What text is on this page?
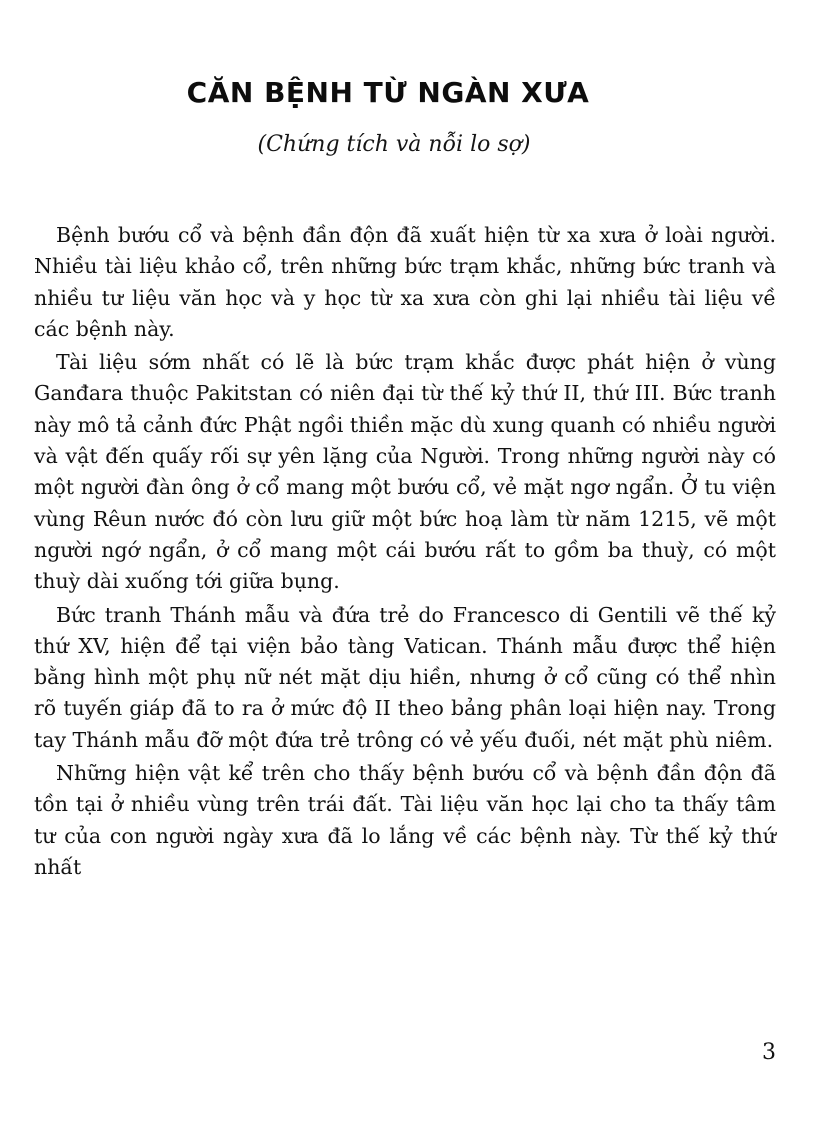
CĂN BỆNH TỪ NGÀN XƯA
(Chứng tích và nỗi lo sợ)

Bệnh bướu cổ và bệnh đần độn đã xuất hiện từ xa xưa ở loài người. Nhiều tài liệu khảo cổ, trên những bức trạm khắc, những bức tranh và nhiều tư liệu văn học và y học từ xa xưa còn ghi lại nhiều tài liệu về các bệnh này.

Tài liệu sớm nhất có lẽ là bức trạm khắc được phát hiện ở vùng Ganđara thuộc Pakitstan có niên đại từ thế kỷ thứ II, thứ III. Bức tranh này mô tả cảnh đức Phật ngồi thiền mặc dù xung quanh có nhiều người và vật đến quấy rối sự yên lặng của Người. Trong những người này có một người đàn ông ở cổ mang một bướu cổ, vẻ mặt ngơ ngẩn. Ở tu viện vùng Rêun nước đó còn lưu giữ một bức hoạ làm từ năm 1215, vẽ một người ngớ ngẩn, ở cổ mang một cái bướu rất to gồm ba thuỳ, có một thuỳ dài xuống tới giữa bụng.

Bức tranh Thánh mẫu và đứa trẻ do Francesco di Gentili vẽ thế kỷ thứ XV, hiện để tại viện bảo tàng Vatican. Thánh mẫu được thể hiện bằng hình một phụ nữ nét mặt dịu hiền, nhưng ở cổ cũng có thể nhìn rõ tuyến giáp đã to ra ở mức độ II theo bảng phân loại hiện nay. Trong tay Thánh mẫu đỡ một đứa trẻ trông có vẻ yếu đuối, nét mặt phù niêm.

Những hiện vật kể trên cho thấy bệnh bướu cổ và bệnh đần độn đã tồn tại ở nhiều vùng trên trái đất. Tài liệu văn học lại cho ta thấy tâm tư của con người ngày xưa đã lo lắng về các bệnh này. Từ thế kỷ thứ nhất

3
